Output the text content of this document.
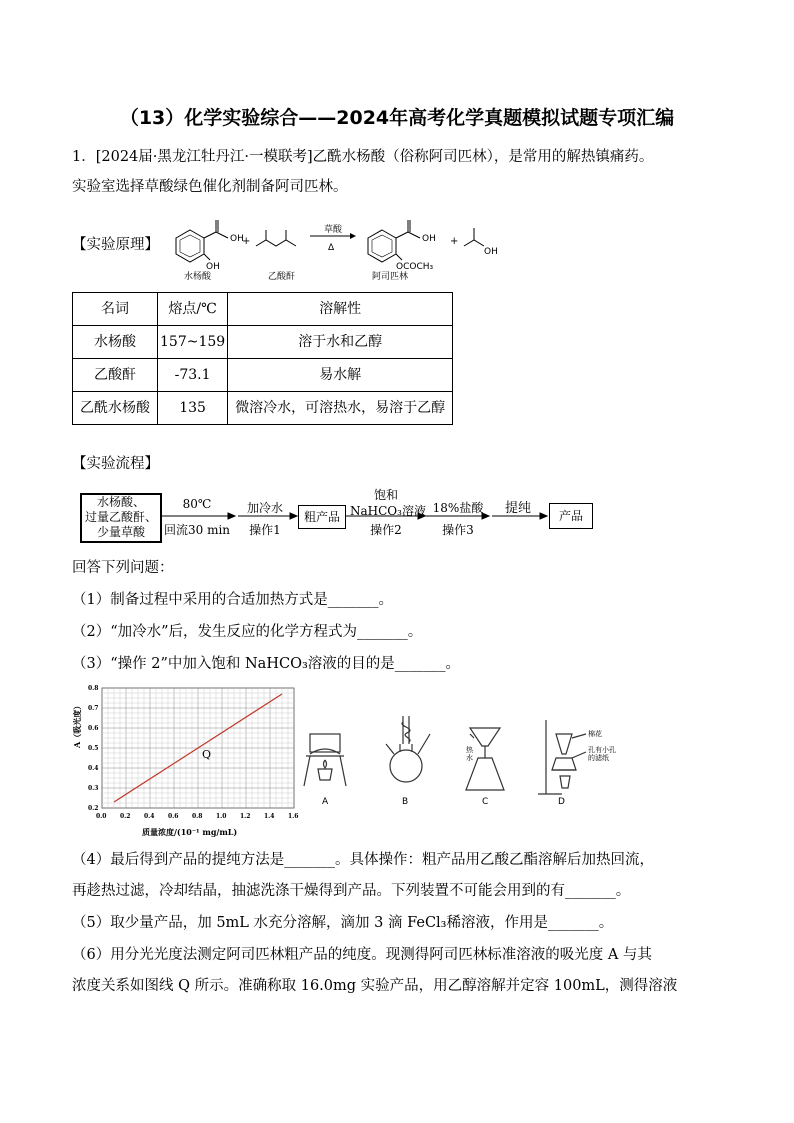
（13）化学实验综合——2024年高考化学真题模拟试题专项汇编
1．[2024届·黑龙江牡丹江·一模联考]乙酰水杨酸（俗称阿司匹林），是常用的解热镇痛药。
实验室选择草酸绿色催化剂制备阿司匹林。
【实验原理】	OH
OH
水杨酸
+
乙酸酐
草酸
Δ
OH
OCOCH₃
阿司匹林
+
OH
名词	熔点/℃	溶解性
水杨酸	157~159	溶于水和乙醇
乙酸酐	-73.1	易水解
乙酰水杨酸	135	微溶冷水，可溶热水，易溶于乙醇
【实验流程】
水杨酸、
过量乙酸酐、
少量草酸
80℃
回流30 min
加冷水
操作1
粗产品
饱和
NaHCO₃溶液
操作2
18%盐酸
操作3
提纯	产品
回答下列问题：
（1）制备过程中采用的合适加热方式是_______。
（2）“加冷水”后，发生反应的化学方程式为_______。
（3）“操作 2”中加入饱和 NaHCO₃溶液的目的是_______。
0.0 0.2 0.4 0.6 0.8 1.0 1.2 1.4 1.6
0.2
0.3
0.4
0.5
0.6
0.7
0.8
Q
A（吸光度）
质量浓度/(10⁻¹ mg/mL)
A	B	C	D
热
水
棉花
孔有小孔
的滤纸
（4）最后得到产品的提纯方法是_______。具体操作：粗产品用乙酸乙酯溶解后加热回流，
再趁热过滤，冷却结晶，抽滤洗涤干燥得到产品。下列装置不可能会用到的有_______。
（5）取少量产品，加 5mL 水充分溶解，滴加 3 滴 FeCl₃稀溶液，作用是_______。
（6）用分光光度法测定阿司匹林粗产品的纯度。现测得阿司匹林标准溶液的吸光度 A 与其
浓度关系如图线 Q 所示。准确称取 16.0mg 实验产品，用乙醇溶解并定容 100mL，测得溶液
